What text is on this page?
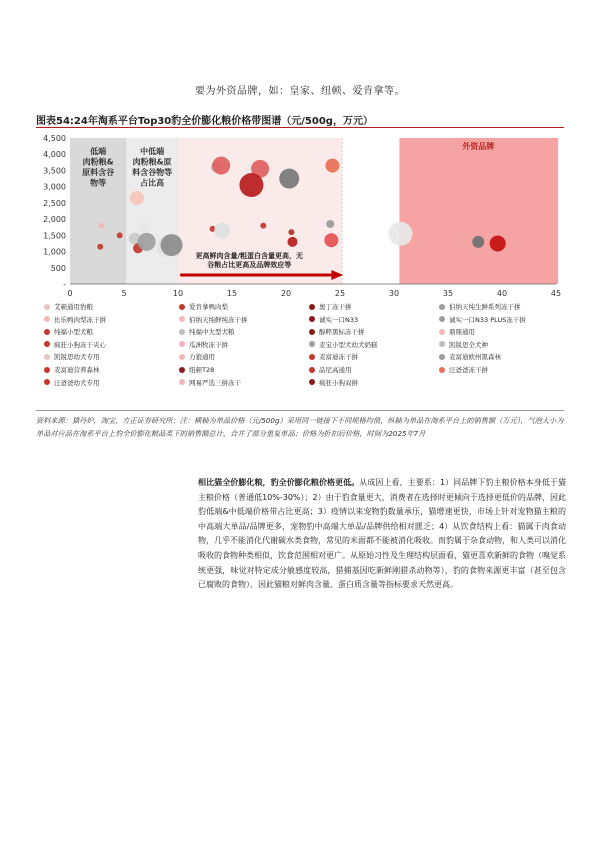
要为外资品牌，如：皇家、纽顿、爱肯拿等。
图表54:24年淘系平台Top30豹全价膨化粮价格带图谱（元/500g，万元）
-
500
1,000
1,500
2,000
2,500
3,000
3,500
4,000
4,500
0	5	10	15	20	25	30	35	40	45
低端肉粉粮&原料含谷物等
中低端肉粉粮&原料含谷物等占比高
外资品牌
更高鲜肉含量/粗蛋白含量更高，无谷粮占比更高及品牌效应等
艾顿通用豹粮	爱肯拿鸭肉梨	奥丁冻干拼	伯纳天纯生鲜系列冻干拼
比乐鸭肉梨冻干拼	伯纳天纯鲜纯冻干拼	诚实一口N33	诚实一口N33 PLUS冻干拼
纯福小型犬粮	纯福中大型犬粮	醇粹黑标冻干拼	鼎鼎通用
疯狂小狗冻干夹心	瓜洲牧冻干拼	麦宝小型犬幼犬奶糕	凯锐思全犬种
凯锐思幼犬专用	力狼通用	麦富迪冻干拼	麦富迪欧州黑森林
麦富迪营养森林	纽顿T28	品尼高通用	汪爸爸冻干拼
汪爸爸幼犬专用	网易严选三拼冻干	疯狂小狗双拼
资料来源：猫丹炉，淘宝，方正证券研究所；注：横轴为单品价格（元/500g）采用同一链接下不同规格均值，纵轴为单品在淘系平台上的销售额（万元），气泡大小为单品对应品在淘系平台上豹全价膨化粮品类下的销售额总计，合并了部分重复单品；价格为折扣后价格，时间为2025年7月
相比猫全价膨化粮，豹全价膨化粮价格更低。从成因上看，主要系：1）同品牌下豹主粮价格本身低于猫主粮价格（普通低10%-30%）；2）由于豹食量更大，消费者在选择时更倾向于选择更低价的品牌，因此豹低端&中低端价格带占比更高；3）疫情以来宠物豹数量承压，猫增速更快，市场上针对宠物猫主粮的中高端大单品/品牌更多，宠物豹中高端大单品/品牌供给相对匮乏；4）从饮食结构上看：猫属于肉食动物，几乎不能消化代谢碳水类食物，常见的米面都不能被消化吸收。而豹属于杂食动物，和人类可以消化吸收的食物种类相似，饮食范围相对更广。从原始习性及生理结构层面看，猫更喜欢新鲜的食物（嗅觉系统更强，味觉对特定成分敏感度较高，猎捕基因吃新鲜刚猎杀动物等），豹的食物来源更丰富（甚至包含已腐败的食物）。因此猫粮对鲜肉含量、蛋白质含量等指标要求天然更高。
